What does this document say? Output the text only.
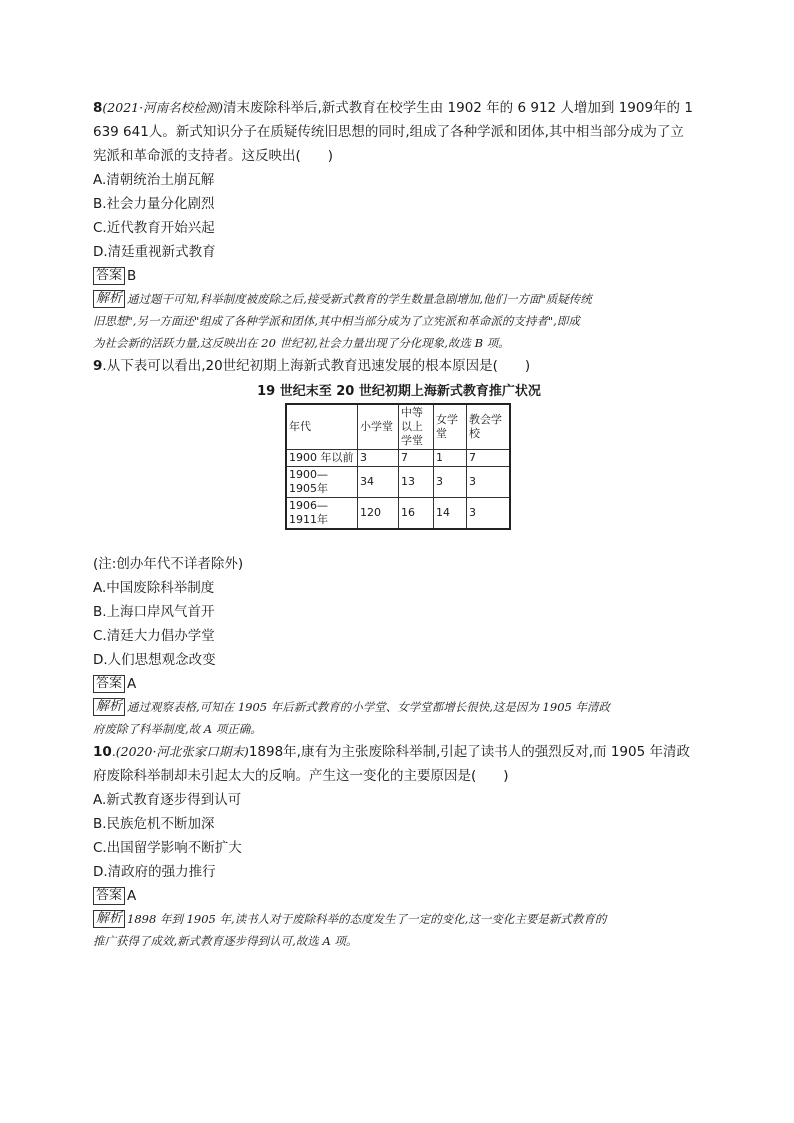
8(2021·河南名校检测)清末废除科举后,新式教育在校学生由 1902 年的 6 912 人增加到 1909年的 1
639 641人。新式知识分子在质疑传统旧思想的同时,组成了各种学派和团体,其中相当部分成为了立
宪派和革命派的支持者。这反映出(　　)
A.清朝统治土崩瓦解
B.社会力量分化剧烈
C.近代教育开始兴起
D.清廷重视新式教育
答案 B
解析 通过题干可知,科举制度被废除之后,接受新式教育的学生数量急剧增加,他们一方面"质疑传统
旧思想",另一方面还"组成了各种学派和团体,其中相当部分成为了立宪派和革命派的支持者",即成
为社会新的活跃力量,这反映出在 20 世纪初,社会力量出现了分化现象,故选 B 项。
9.从下表可以看出,20世纪初期上海新式教育迅速发展的根本原因是(　　)
19 世纪末至 20 世纪初期上海新式教育推广状况
年代	小学堂	中等以上学堂	女学堂	教会学校
1900 年以前	3	7	1	7
1900—1905年	34	13	3	3
1906—1911年	120	16	14	3
(注:创办年代不详者除外)
A.中国废除科举制度
B.上海口岸风气首开
C.清廷大力倡办学堂
D.人们思想观念改变
答案 A
解析 通过观察表格,可知在 1905 年后新式教育的小学堂、女学堂都增长很快,这是因为 1905 年清政
府废除了科举制度,故 A 项正确。
10.(2020·河北张家口期末)1898年,康有为主张废除科举制,引起了读书人的强烈反对,而 1905 年清政
府废除科举制却未引起太大的反响。产生这一变化的主要原因是(　　)
A.新式教育逐步得到认可
B.民族危机不断加深
C.出国留学影响不断扩大
D.清政府的强力推行
答案 A
解析 1898 年到 1905 年,读书人对于废除科举的态度发生了一定的变化,这一变化主要是新式教育的
推广获得了成效,新式教育逐步得到认可,故选 A 项。
